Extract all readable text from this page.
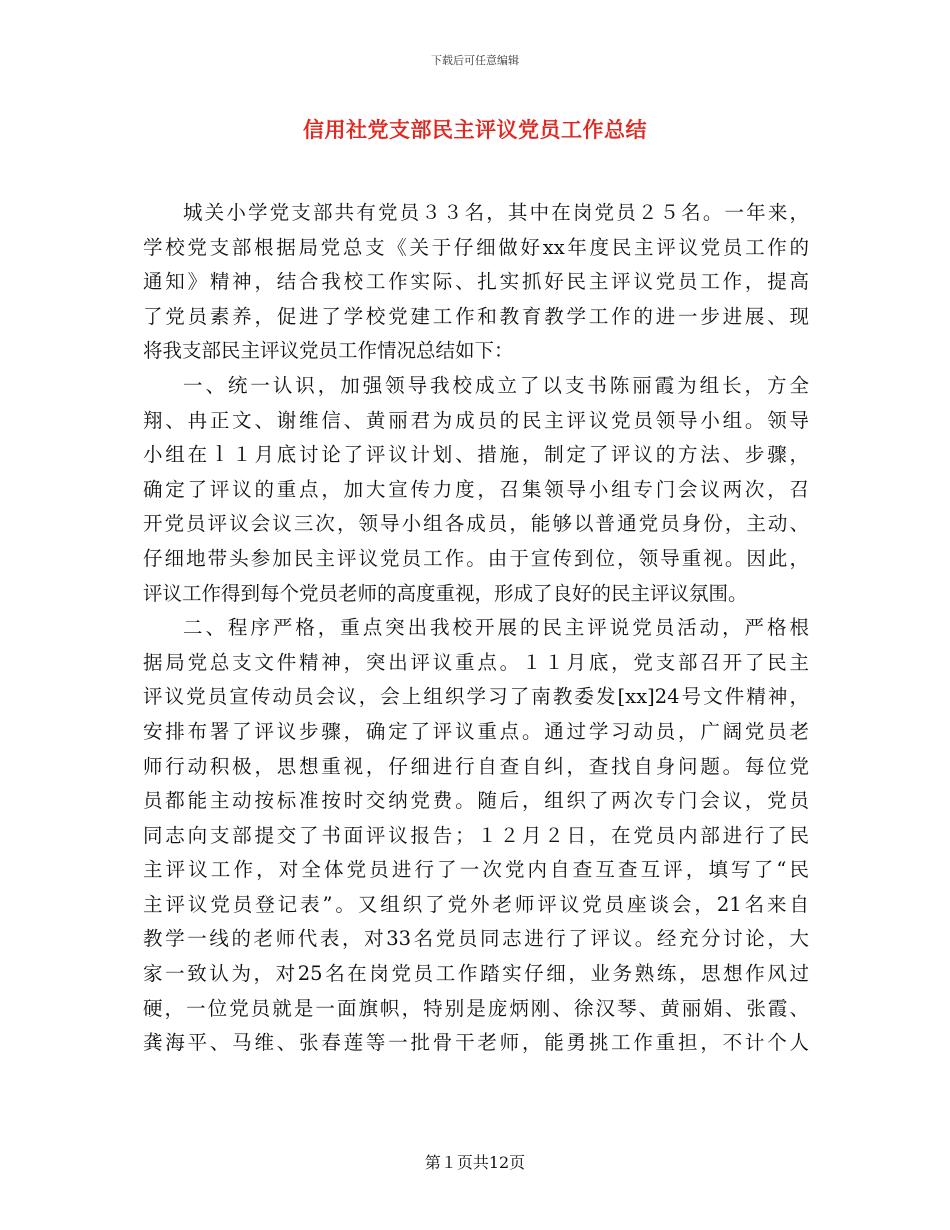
下载后可任意编辑
信用社党支部民主评议党员工作总结
城关小学党支部共有党员３３名，其中在岗党员２５名。一年来，
学校党支部根据局党总支《关于仔细做好xx年度民主评议党员工作的
通知》精神，结合我校工作实际、扎实抓好民主评议党员工作，提高
了党员素养，促进了学校党建工作和教育教学工作的进一步进展、现
将我支部民主评议党员工作情况总结如下：
一、统一认识，加强领导我校成立了以支书陈丽霞为组长，方全
翔、冉正文、谢维信、黄丽君为成员的民主评议党员领导小组。领导
小组在ｌ１月底讨论了评议计划、措施，制定了评议的方法、步骤，
确定了评议的重点，加大宣传力度，召集领导小组专门会议两次，召
开党员评议会议三次，领导小组各成员，能够以普通党员身份，主动、
仔细地带头参加民主评议党员工作。由于宣传到位，领导重视。因此，
评议工作得到每个党员老师的高度重视，形成了良好的民主评议氛围。
二、程序严格，重点突出我校开展的民主评说党员活动，严格根
据局党总支文件精神，突出评议重点。１１月底，党支部召开了民主
评议党员宣传动员会议，会上组织学习了南教委发[xx]24号文件精神，
安排布署了评议步骤，确定了评议重点。通过学习动员，广阔党员老
师行动积极，思想重视，仔细进行自查自纠，查找自身问题。每位党
员都能主动按标准按时交纳党费。随后，组织了两次专门会议，党员
同志向支部提交了书面评议报告；１２月２日，在党员内部进行了民
主评议工作，对全体党员进行了一次党内自查互查互评，填写了“民
主评议党员登记表”。又组织了党外老师评议党员座谈会，21名来自
教学一线的老师代表，对33名党员同志进行了评议。经充分讨论，大
家一致认为，对25名在岗党员工作踏实仔细，业务熟练，思想作风过
硬，一位党员就是一面旗帜，特别是庞炳刚、徐汉琴、黄丽娟、张霞、
龚海平、马维、张春莲等一批骨干老师，能勇挑工作重担，不计个人
第１页共12页
